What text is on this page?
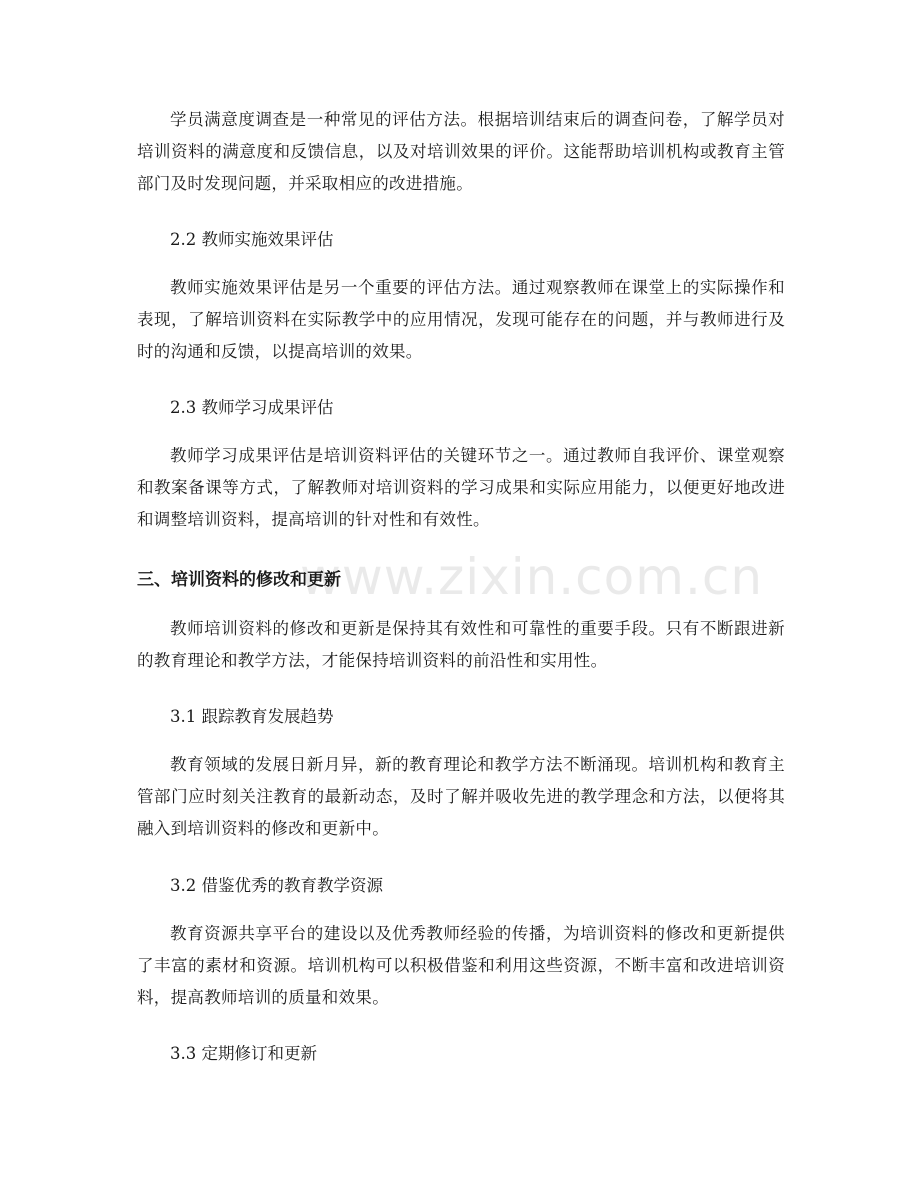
www.zixin.com.cn

学员满意度调查是一种常见的评估方法。根据培训结束后的调查问卷，了解学员对培训资料的满意度和反馈信息，以及对培训效果的评价。这能帮助培训机构或教育主管部门及时发现问题，并采取相应的改进措施。

2.2 教师实施效果评估

教师实施效果评估是另一个重要的评估方法。通过观察教师在课堂上的实际操作和表现，了解培训资料在实际教学中的应用情况，发现可能存在的问题，并与教师进行及时的沟通和反馈，以提高培训的效果。

2.3 教师学习成果评估

教师学习成果评估是培训资料评估的关键环节之一。通过教师自我评价、课堂观察和教案备课等方式，了解教师对培训资料的学习成果和实际应用能力，以便更好地改进和调整培训资料，提高培训的针对性和有效性。

三、培训资料的修改和更新

教师培训资料的修改和更新是保持其有效性和可靠性的重要手段。只有不断跟进新的教育理论和教学方法，才能保持培训资料的前沿性和实用性。

3.1 跟踪教育发展趋势

教育领域的发展日新月异，新的教育理论和教学方法不断涌现。培训机构和教育主管部门应时刻关注教育的最新动态，及时了解并吸收先进的教学理念和方法，以便将其融入到培训资料的修改和更新中。

3.2 借鉴优秀的教育教学资源

教育资源共享平台的建设以及优秀教师经验的传播，为培训资料的修改和更新提供了丰富的素材和资源。培训机构可以积极借鉴和利用这些资源，不断丰富和改进培训资料，提高教师培训的质量和效果。

3.3 定期修订和更新
